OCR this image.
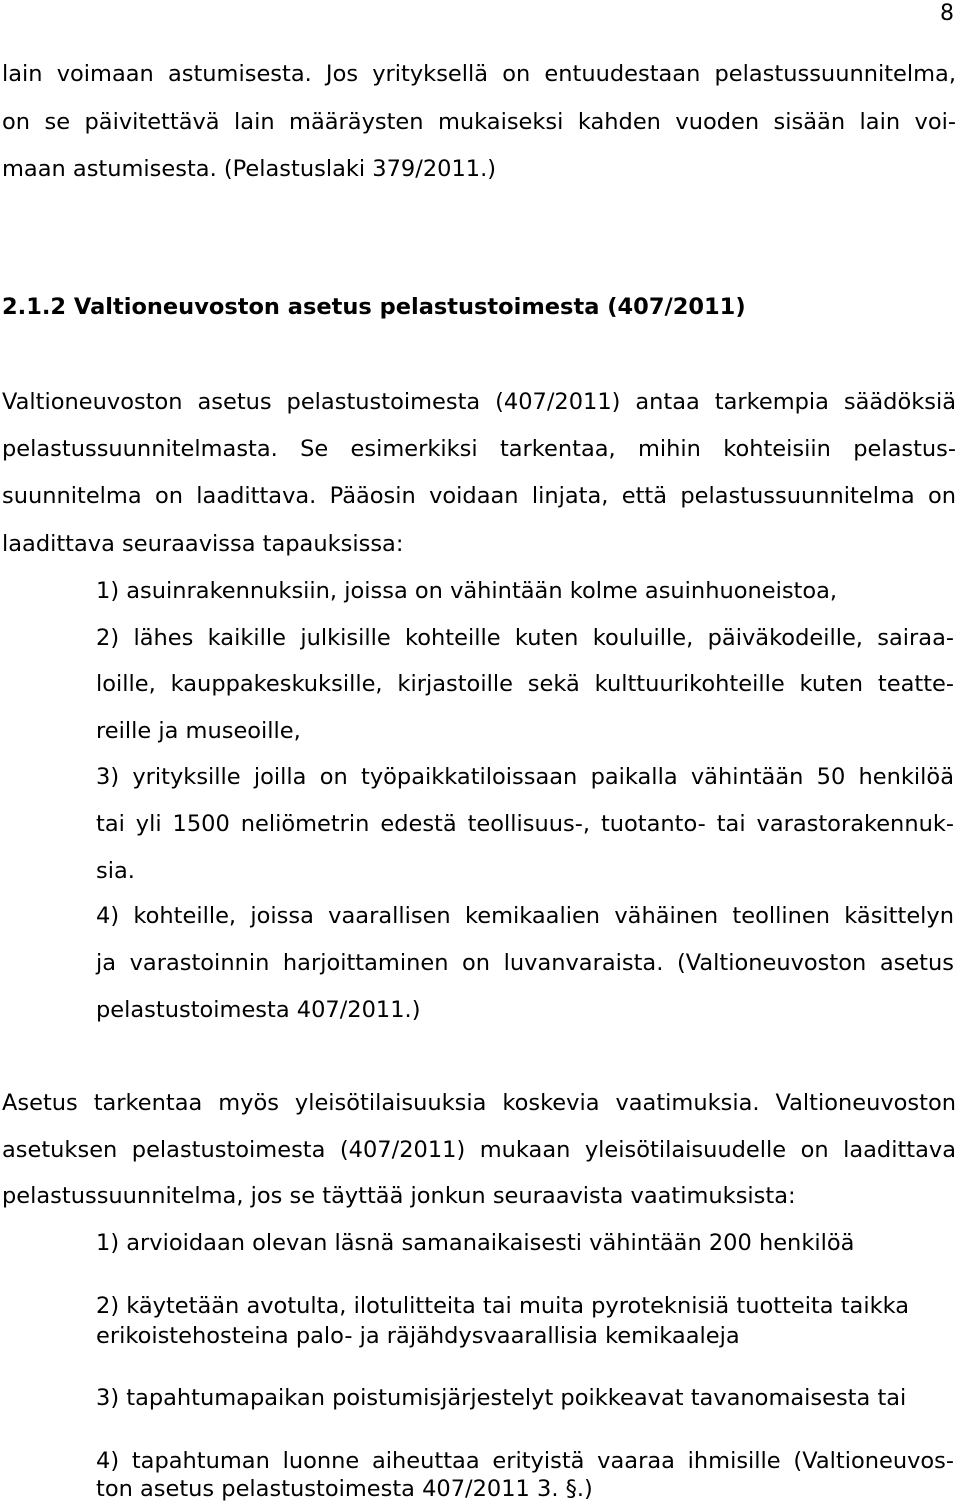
8
lain voimaan astumisesta. Jos yrityksellä on entuudestaan pelastussuunnitelma,
on se päivitettävä lain määräysten mukaiseksi kahden vuoden sisään lain voi-
maan astumisesta. (Pelastuslaki 379/2011.)
2.1.2 Valtioneuvoston asetus pelastustoimesta (407/2011)
Valtioneuvoston asetus pelastustoimesta (407/2011) antaa tarkempia säädöksiä
pelastussuunnitelmasta. Se esimerkiksi tarkentaa, mihin kohteisiin pelastus-
suunnitelma on laadittava. Pääosin voidaan linjata, että pelastussuunnitelma on
laadittava seuraavissa tapauksissa:
1) asuinrakennuksiin, joissa on vähintään kolme asuinhuoneistoa,
2) lähes kaikille julkisille kohteille kuten kouluille, päiväkodeille, sairaa-
loille, kauppakeskuksille, kirjastoille sekä kulttuurikohteille kuten teatte-
reille ja museoille,
3) yrityksille joilla on työpaikkatiloissaan paikalla vähintään 50 henkilöä
tai yli 1500 neliömetrin edestä teollisuus-, tuotanto- tai varastorakennuk-
sia.
4) kohteille, joissa vaarallisen kemikaalien vähäinen teollinen käsittelyn
ja varastoinnin harjoittaminen on luvanvaraista. (Valtioneuvoston asetus
pelastustoimesta 407/2011.)
Asetus tarkentaa myös yleisötilaisuuksia koskevia vaatimuksia. Valtioneuvoston
asetuksen pelastustoimesta (407/2011) mukaan yleisötilaisuudelle on laadittava
pelastussuunnitelma, jos se täyttää jonkun seuraavista vaatimuksista:
1) arvioidaan olevan läsnä samanaikaisesti vähintään 200 henkilöä
2) käytetään avotulta, ilotulitteita tai muita pyroteknisiä tuotteita taikka
erikoistehosteina palo- ja räjähdysvaarallisia kemikaaleja
3) tapahtumapaikan poistumisjärjestelyt poikkeavat tavanomaisesta tai
4) tapahtuman luonne aiheuttaa erityistä vaaraa ihmisille (Valtioneuvos-
ton asetus pelastustoimesta 407/2011 3. §.)
